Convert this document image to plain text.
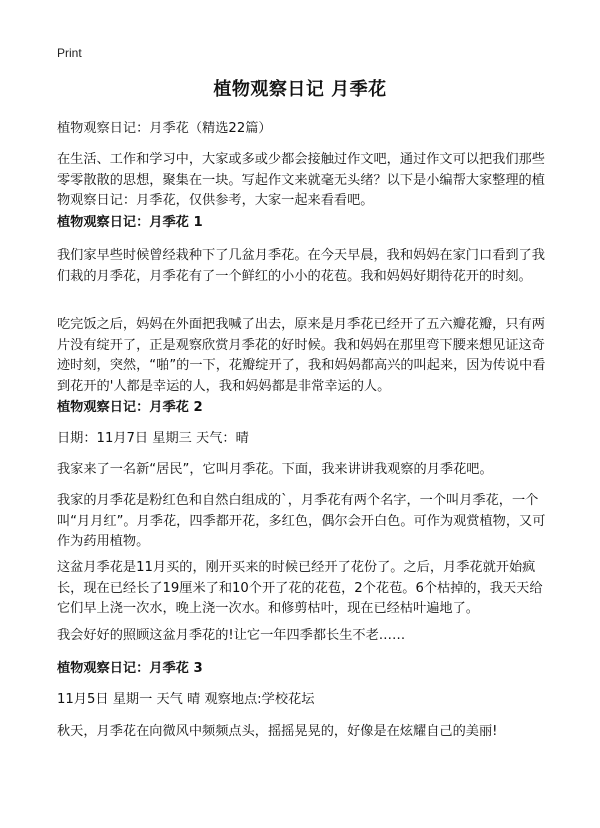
Print
植物观察日记 月季花

植物观察日记：月季花（精选22篇）

在生活、工作和学习中，大家或多或少都会接触过作文吧，通过作文可以把我们那些零零散散的思想，聚集在一块。写起作文来就毫无头绪？以下是小编帮大家整理的植物观察日记：月季花，仅供参考，大家一起来看看吧。

植物观察日记：月季花 1

我们家早些时候曾经栽种下了几盆月季花。在今天早晨，我和妈妈在家门口看到了我们栽的月季花，月季花有了一个鲜红的小小的花苞。我和妈妈好期待花开的时刻。

吃完饭之后，妈妈在外面把我喊了出去，原来是月季花已经开了五六瓣花瓣，只有两片没有绽开了，正是观察欣赏月季花的好时候。我和妈妈在那里弯下腰来想见证这奇迹时刻，突然，“啪”的一下，花瓣绽开了，我和妈妈都高兴的叫起来，因为传说中看到花开的'人都是幸运的人，我和妈妈都是非常幸运的人。

植物观察日记：月季花 2

日期：11月7日 星期三 天气：晴

我家来了一名新“居民”，它叫月季花。下面，我来讲讲我观察的月季花吧。

我家的月季花是粉红色和自然白组成的`，月季花有两个名字，一个叫月季花，一个叫“月月红”。月季花，四季都开花，多红色，偶尔会开白色。可作为观赏植物，又可作为药用植物。

这盆月季花是11月买的，刚开买来的时候已经开了花份了。之后，月季花就开始疯长，现在已经长了19厘米了和10个开了花的花苞，2个花苞。6个枯掉的，我天天给它们早上浇一次水，晚上浇一次水。和修剪枯叶，现在已经枯叶遍地了。

我会好好的照顾这盆月季花的!让它一年四季都长生不老……

植物观察日记：月季花 3

11月5日 星期一 天气 晴 观察地点:学校花坛

秋天，月季花在向微风中频频点头，摇摇晃晃的，好像是在炫耀自己的美丽!
